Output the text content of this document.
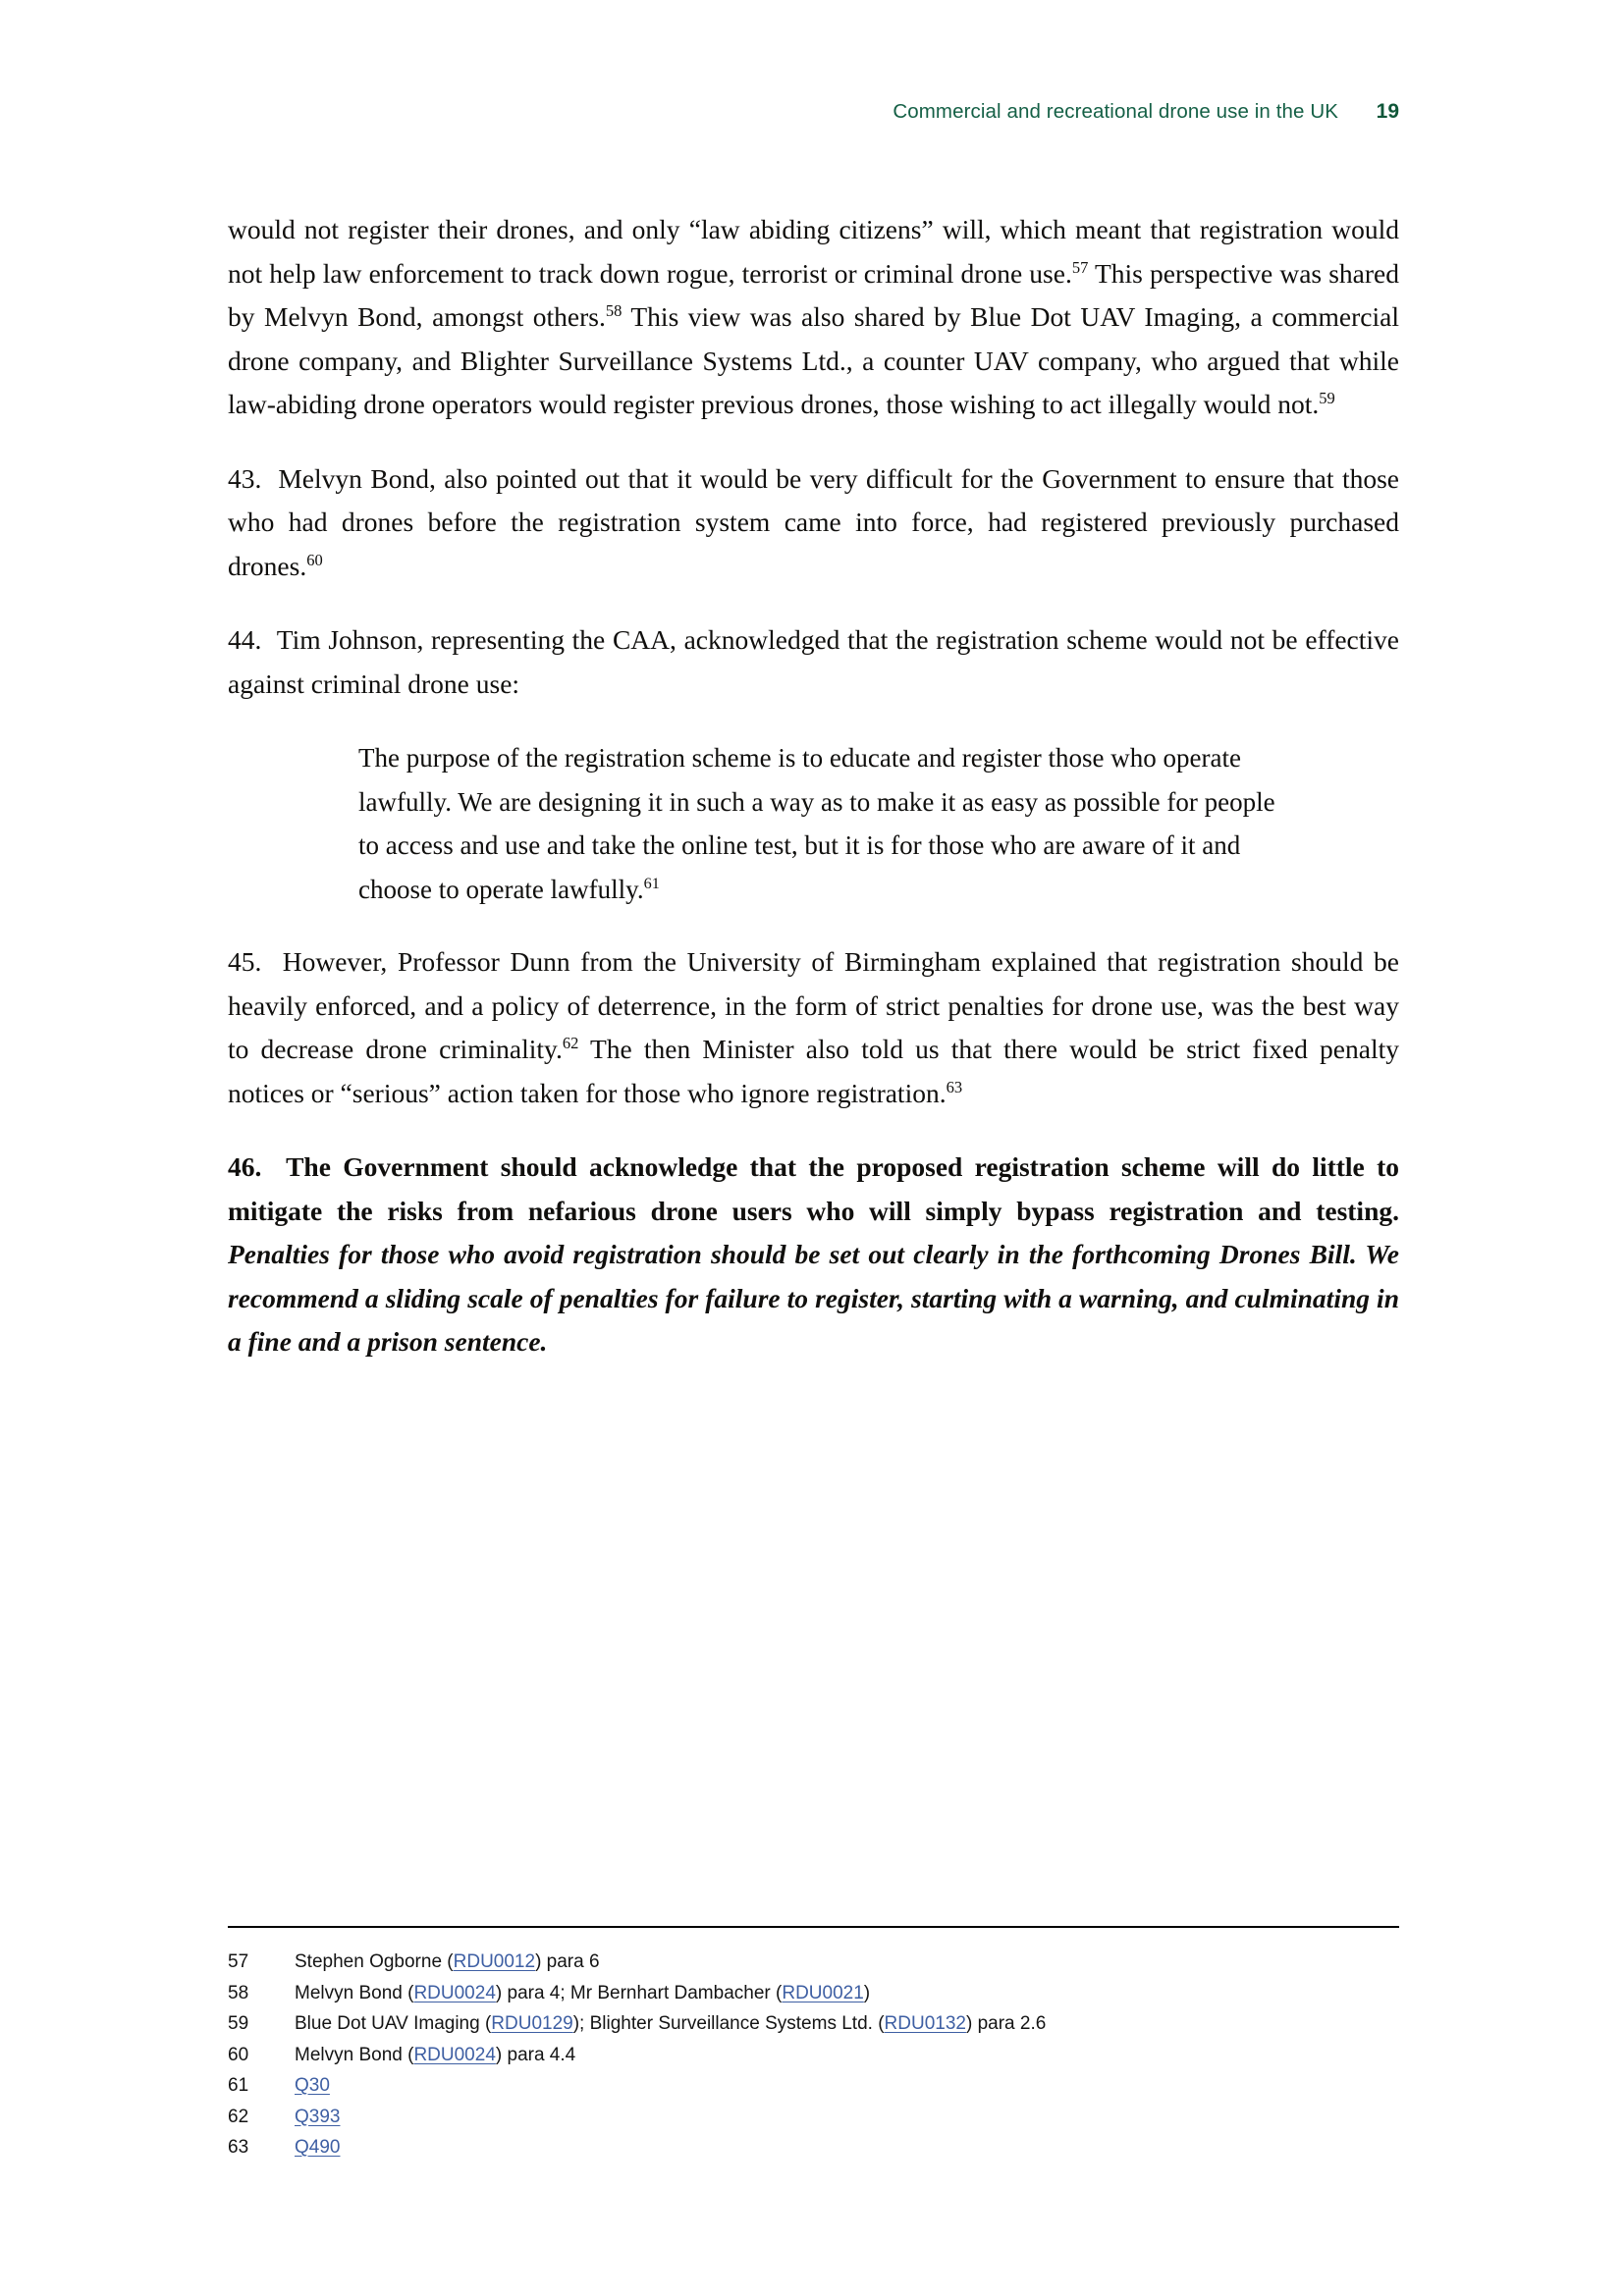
Commercial and recreational drone use in the UK 19

would not register their drones, and only “law abiding citizens” will, which meant that registration would not help law enforcement to track down rogue, terrorist or criminal drone use.$^{57}$ This perspective was shared by Melvyn Bond, amongst others.$^{58}$ This view was also shared by Blue Dot UAV Imaging, a commercial drone company, and Blighter Surveillance Systems Ltd., a counter UAV company, who argued that while law-abiding drone operators would register previous drones, those wishing to act illegally would not.$^{59}$

43. Melvyn Bond, also pointed out that it would be very difficult for the Government to ensure that those who had drones before the registration system came into force, had registered previously purchased drones.$^{60}$

44. Tim Johnson, representing the CAA, acknowledged that the registration scheme would not be effective against criminal drone use:

The purpose of the registration scheme is to educate and register those who operate lawfully. We are designing it in such a way as to make it as easy as possible for people to access and use and take the online test, but it is for those who are aware of it and choose to operate lawfully.$^{61}$

45. However, Professor Dunn from the University of Birmingham explained that registration should be heavily enforced, and a policy of deterrence, in the form of strict penalties for drone use, was the best way to decrease drone criminality.$^{62}$ The then Minister also told us that there would be strict fixed penalty notices or “serious” action taken for those who ignore registration.$^{63}$

46. The Government should acknowledge that the proposed registration scheme will do little to mitigate the risks from nefarious drone users who will simply bypass registration and testing. Penalties for those who avoid registration should be set out clearly in the forthcoming Drones Bill. We recommend a sliding scale of penalties for failure to register, starting with a warning, and culminating in a fine and a prison sentence.

57	Stephen Ogborne (RDU0012) para 6
58	Melvyn Bond (RDU0024) para 4; Mr Bernhart Dambacher (RDU0021)
59	Blue Dot UAV Imaging (RDU0129); Blighter Surveillance Systems Ltd. (RDU0132) para 2.6
60	Melvyn Bond (RDU0024) para 4.4
61	Q30
62	Q393
63	Q490
